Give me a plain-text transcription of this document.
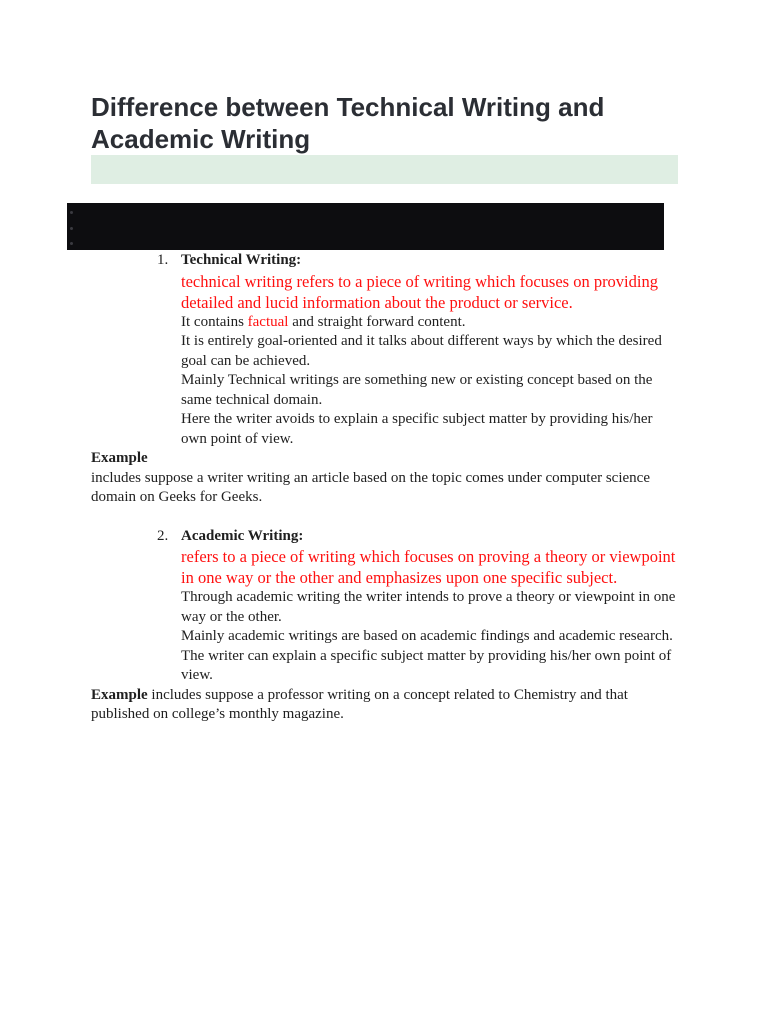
Difference between Technical Writing and Academic Writing
1. Technical Writing:

technical writing refers to a piece of writing which focuses on providing detailed and lucid information about the product or service.

It contains factual and straight forward content.

It is entirely goal-oriented and it talks about different ways by which the desired goal can be achieved.

Mainly Technical writings are something new or existing concept based on the same technical domain.

Here the writer avoids to explain a specific subject matter by providing his/her own point of view.

Example

includes suppose a writer writing an article based on the topic comes under computer science domain on Geeks for Geeks.

2. Academic Writing:

refers to a piece of writing which focuses on proving a theory or viewpoint in one way or the other and emphasizes upon one specific subject.

Through academic writing the writer intends to prove a theory or viewpoint in one way or the other.

Mainly academic writings are based on academic findings and academic research.

The writer can explain a specific subject matter by providing his/her own point of view.

Example includes suppose a professor writing on a concept related to Chemistry and that published on college’s monthly magazine.
